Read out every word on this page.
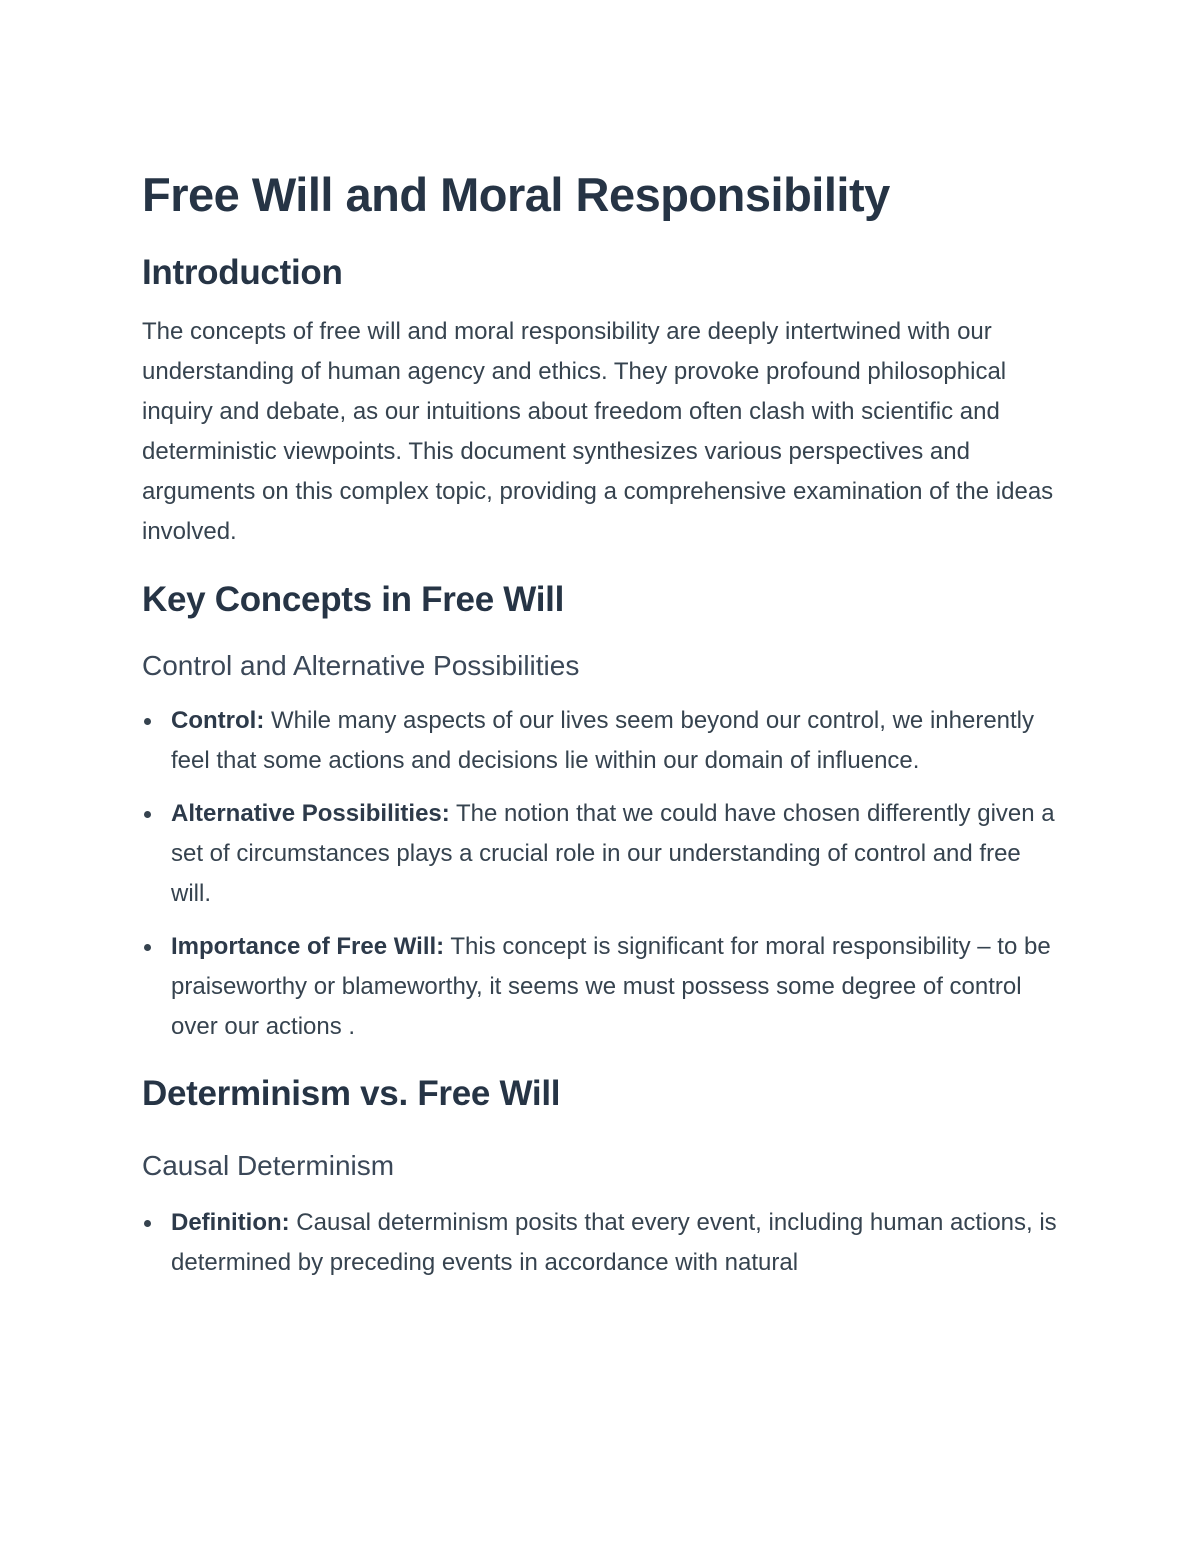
Free Will and Moral Responsibility
Introduction

The concepts of free will and moral responsibility are deeply intertwined with our understanding of human agency and ethics. They provoke profound philosophical inquiry and debate, as our intuitions about freedom often clash with scientific and deterministic viewpoints. This document synthesizes various perspectives and arguments on this complex topic, providing a comprehensive examination of the ideas involved.

Key Concepts in Free Will
Control and Alternative Possibilities
Control: While many aspects of our lives seem beyond our control, we inherently feel that some actions and decisions lie within our domain of influence.
Alternative Possibilities: The notion that we could have chosen differently given a set of circumstances plays a crucial role in our understanding of control and free will.
Importance of Free Will: This concept is significant for moral responsibility – to be praiseworthy or blameworthy, it seems we must possess some degree of control over our actions .
Determinism vs. Free Will
Causal Determinism
Definition: Causal determinism posits that every event, including human actions, is determined by preceding events in accordance with natural
